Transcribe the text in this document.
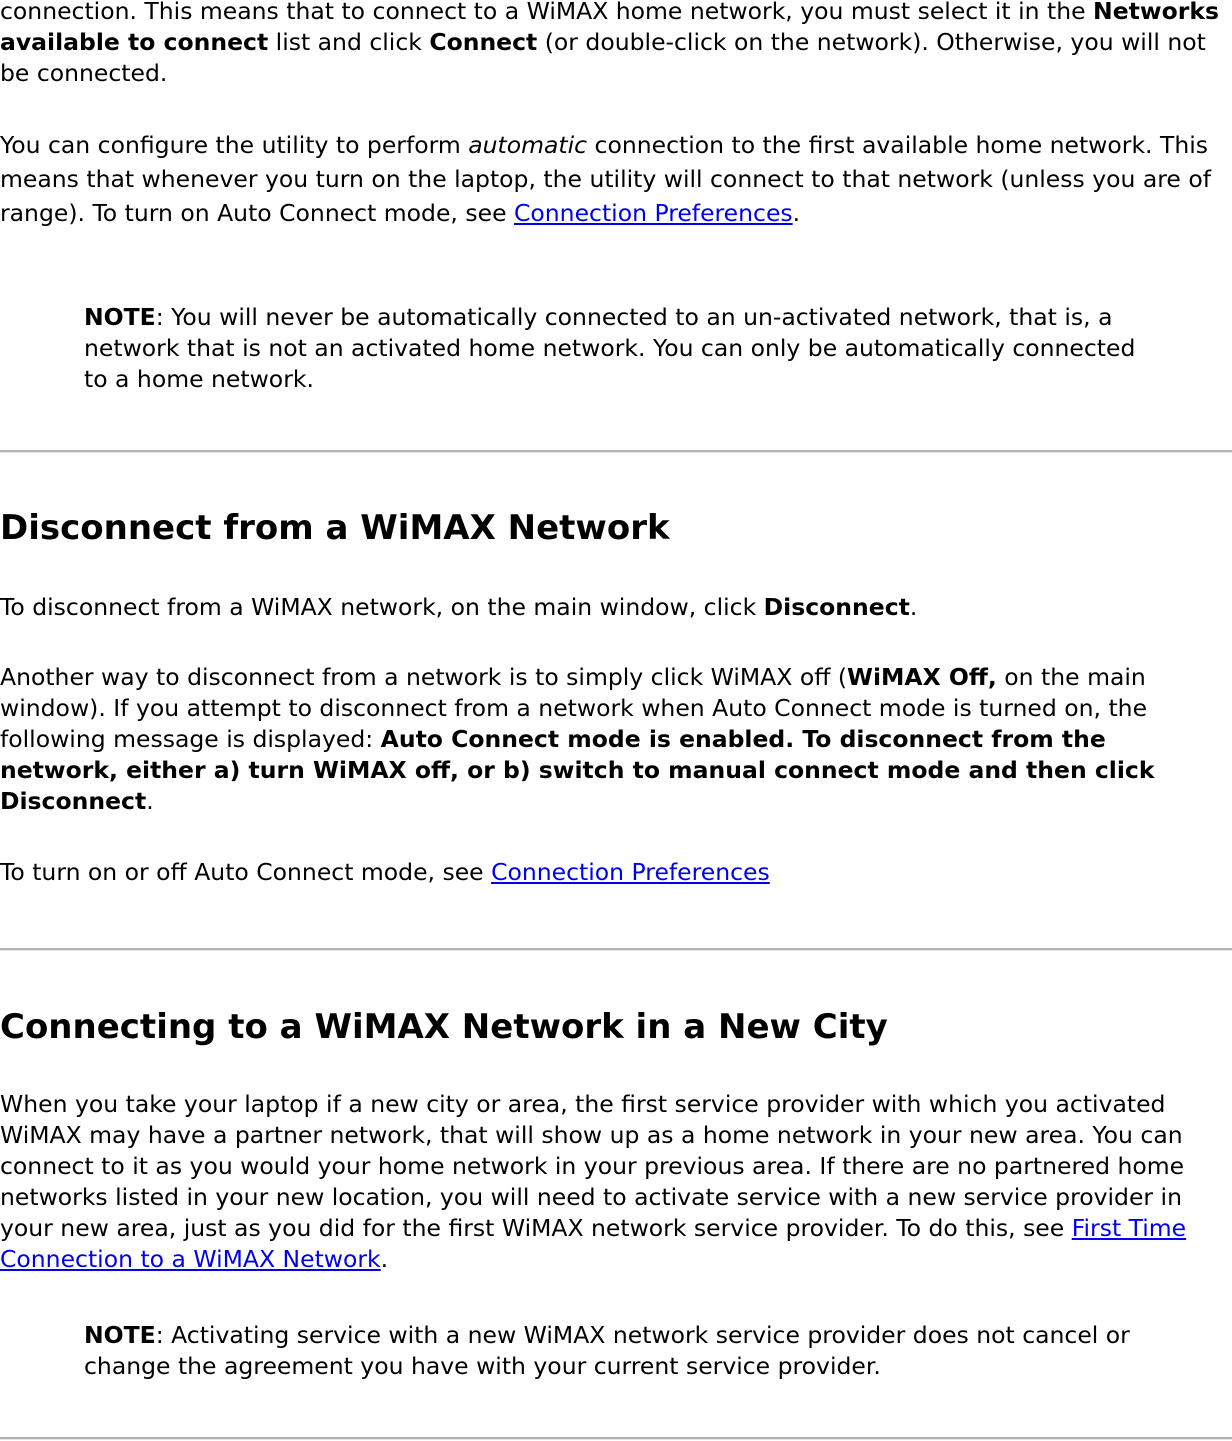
connection. This means that to connect to a WiMAX home network, you must select it in the Networks available to connect list and click Connect (or double-click on the network). Otherwise, you will not be connected.

You can configure the utility to perform automatic connection to the first available home network. This means that whenever you turn on the laptop, the utility will connect to that network (unless you are of range). To turn on Auto Connect mode, see Connection Preferences.

NOTE: You will never be automatically connected to an un-activated network, that is, a network that is not an activated home network. You can only be automatically connected to a home network.

Disconnect from a WiMAX Network

To disconnect from a WiMAX network, on the main window, click Disconnect.

Another way to disconnect from a network is to simply click WiMAX off (WiMAX Off, on the main window). If you attempt to disconnect from a network when Auto Connect mode is turned on, the following message is displayed: Auto Connect mode is enabled. To disconnect from the network, either a) turn WiMAX off, or b) switch to manual connect mode and then click Disconnect.

To turn on or off Auto Connect mode, see Connection Preferences

Connecting to a WiMAX Network in a New City

When you take your laptop if a new city or area, the first service provider with which you activated WiMAX may have a partner network, that will show up as a home network in your new area. You can connect to it as you would your home network in your previous area. If there are no partnered home networks listed in your new location, you will need to activate service with a new service provider in your new area, just as you did for the first WiMAX network service provider. To do this, see First Time Connection to a WiMAX Network.

NOTE: Activating service with a new WiMAX network service provider does not cancel or change the agreement you have with your current service provider.
